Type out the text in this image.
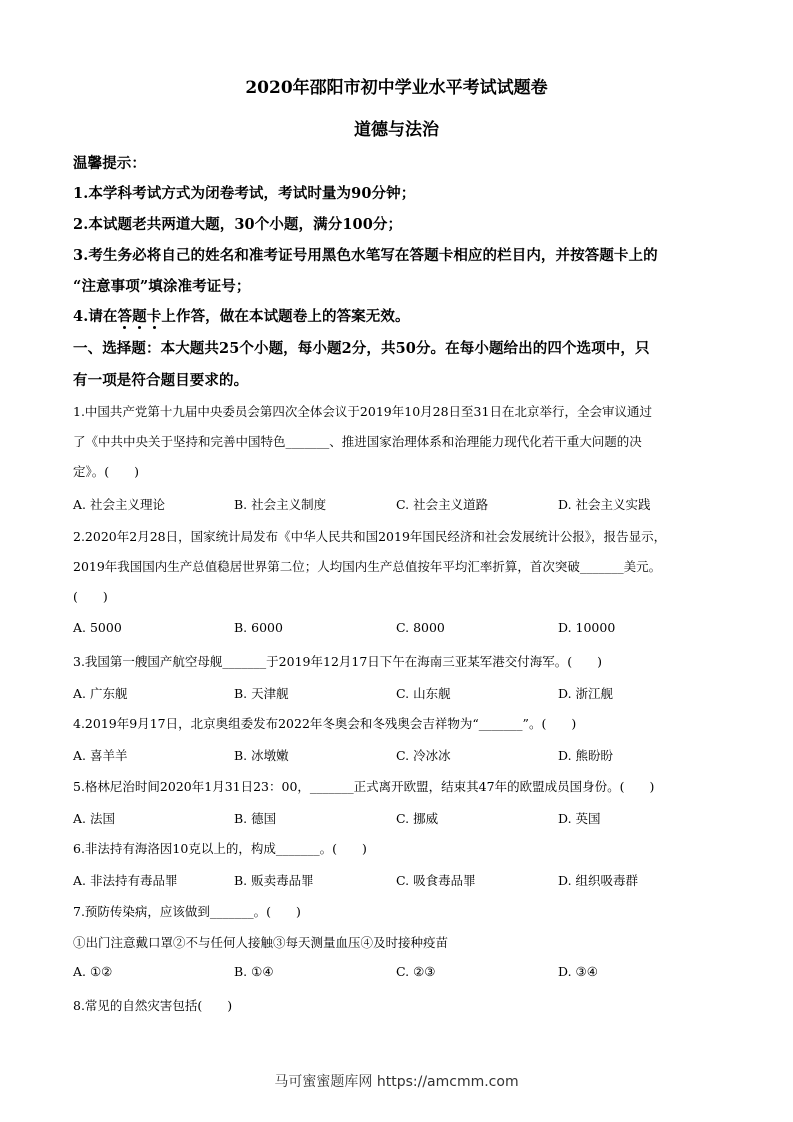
2020年邵阳市初中学业水平考试试题卷
道德与法治
温馨提示：
1.本学科考试方式为闭卷考试，考试时量为90分钟；
2.本试题老共两道大题，30个小题，满分100分；
3.考生务必将自己的姓名和准考证号用黑色水笔写在答题卡相应的栏目内，并按答题卡上的
“注意事项”填涂准考证号；
4.请在答题卡上作答，做在本试题卷上的答案无效。
一、选择题：本大题共25个小题，每小题2分，共50分。在每小题给出的四个选项中，只
有一项是符合题目要求的。
1.中国共产党第十九届中央委员会第四次全体会议于2019年10月28日至31日在北京举行，全会审议通过
了《中共中央关于坚持和完善中国特色_______、推进国家治理体系和治理能力现代化若干重大问题的决
定》。(　　)
A. 社会主义理论	B. 社会主义制度	C. 社会主义道路	D. 社会主义实践
2.2020年2月28日，国家统计局发布《中华人民共和国2019年国民经济和社会发展统计公报》，报告显示，
2019年我国国内生产总值稳居世界第二位；人均国内生产总值按年平均汇率折算，首次突破_______美元。
(　　)
A. 5000	B. 6000	C. 8000	D. 10000
3.我国第一艘国产航空母舰_______于2019年12月17日下午在海南三亚某军港交付海军。(　　)
A. 广东舰	B. 天津舰	C. 山东舰	D. 浙江舰
4.2019年9月17日，北京奥组委发布2022年冬奥会和冬残奥会吉祥物为“_______”。(　　)
A. 喜羊羊	B. 冰墩嫩	C. 冷冰冰	D. 熊盼盼
5.格林尼治时间2020年1月31日23：00，_______正式离开欧盟，结束其47年的欧盟成员国身份。(　　)
A. 法国	B. 德国	C. 挪威	D. 英国
6.非法持有海洛因10克以上的，构成_______。(　　)
A. 非法持有毒品罪	B. 贩卖毒品罪	C. 吸食毒品罪	D. 组织吸毒群
7.预防传染病，应该做到_______。(　　)
①出门注意戴口罩②不与任何人接触③每天测量血压④及时接种疫苗
A. ①②	B. ①④	C. ②③	D. ③④
8.常见的自然灾害包括(　　)
马可蜜蜜题库网 https://amcmm.com
